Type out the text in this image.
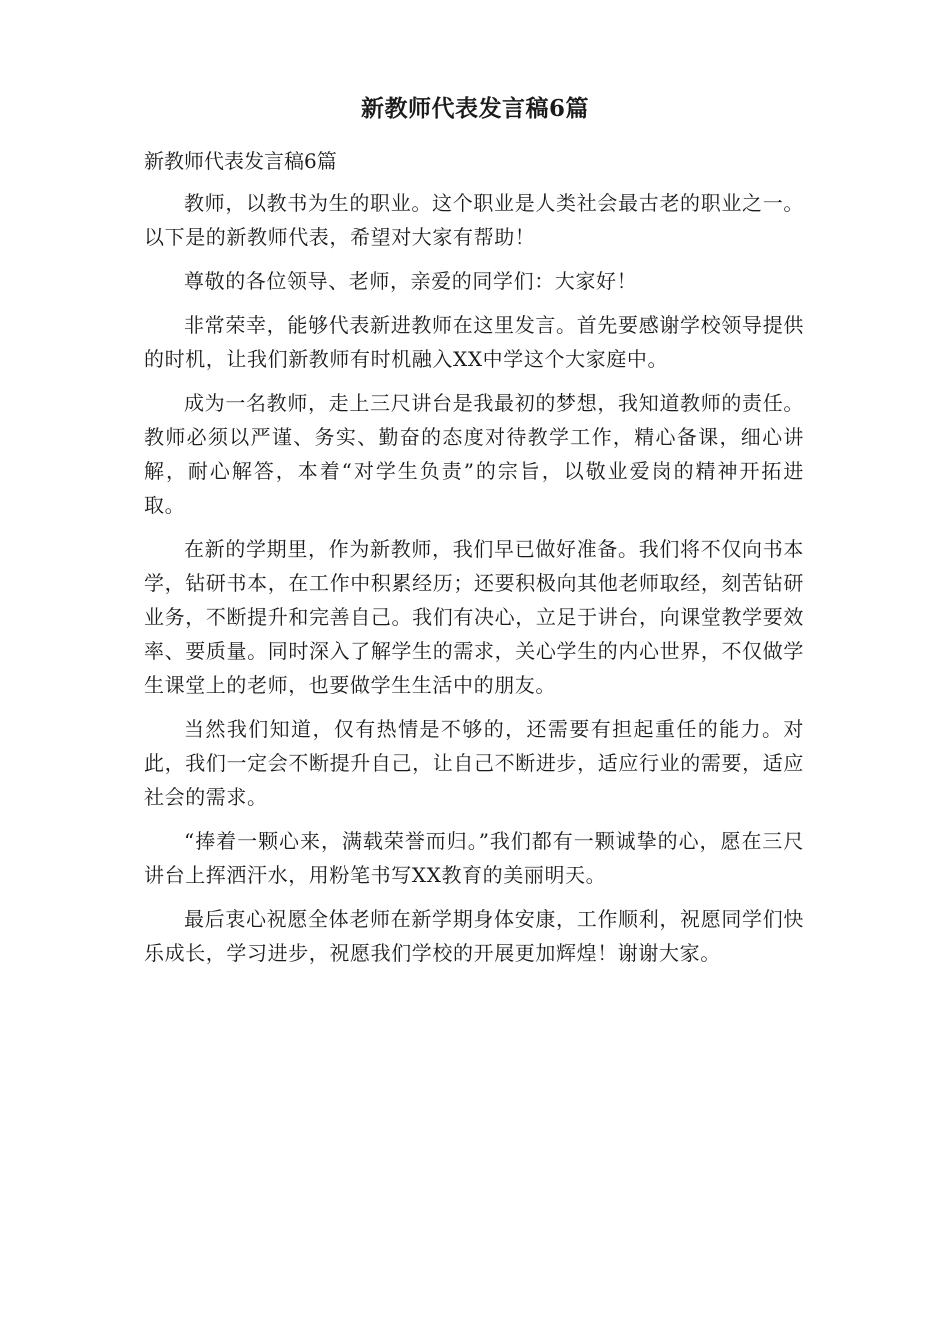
新教师代表发言稿6篇
新教师代表发言稿6篇

教师，以教书为生的职业。这个职业是人类社会最古老的职业之一。以下是的新教师代表，希望对大家有帮助！

尊敬的各位领导、老师，亲爱的同学们：大家好！

非常荣幸，能够代表新进教师在这里发言。首先要感谢学校领导提供的时机，让我们新教师有时机融入XX中学这个大家庭中。

成为一名教师，走上三尺讲台是我最初的梦想，我知道教师的责任。教师必须以严谨、务实、勤奋的态度对待教学工作，精心备课，细心讲解，耐心解答，本着“对学生负责”的宗旨，以敬业爱岗的精神开拓进取。

在新的学期里，作为新教师，我们早已做好准备。我们将不仅向书本学，钻研书本，在工作中积累经历；还要积极向其他老师取经，刻苦钻研业务，不断提升和完善自己。我们有决心，立足于讲台，向课堂教学要效率、要质量。同时深入了解学生的需求，关心学生的内心世界，不仅做学生课堂上的老师，也要做学生生活中的朋友。

当然我们知道，仅有热情是不够的，还需要有担起重任的能力。对此，我们一定会不断提升自己，让自己不断进步，适应行业的需要，适应社会的需求。

“捧着一颗心来，满载荣誉而归。”我们都有一颗诚挚的心，愿在三尺讲台上挥洒汗水，用粉笔书写XX教育的美丽明天。

最后衷心祝愿全体老师在新学期身体安康，工作顺利，祝愿同学们快乐成长，学习进步，祝愿我们学校的开展更加辉煌！谢谢大家。
